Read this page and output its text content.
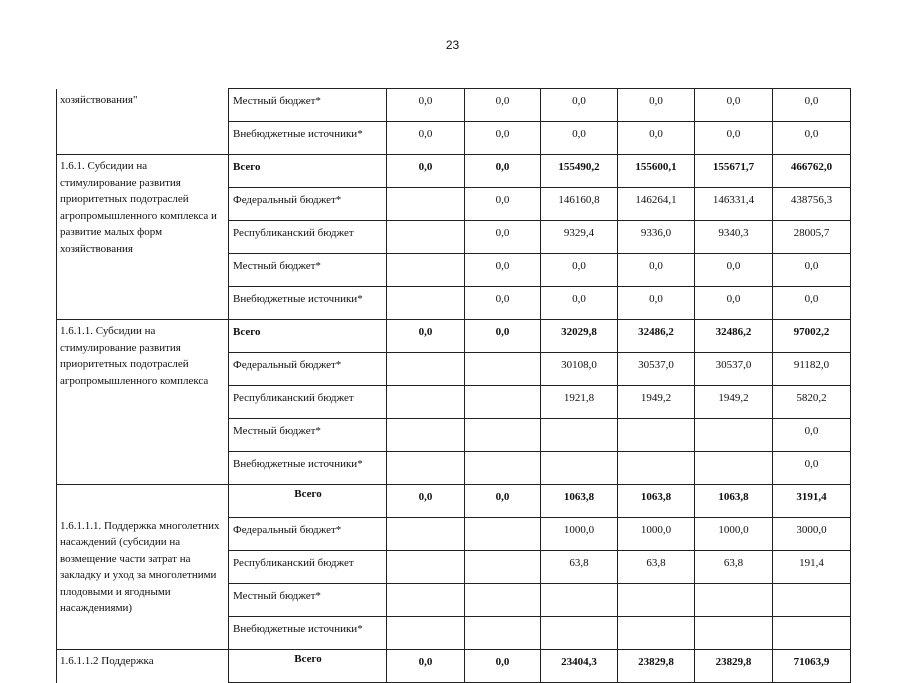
23
хозяйствования"	Местный бюджет*	0,0	0,0	0,0	0,0	0,0	0,0
	Внебюджетные источники*	0,0	0,0	0,0	0,0	0,0	0,0
1.6.1. Субсидии на стимулирование развития приоритетных подотраслей агропромышленного комплекса и развитие малых форм хозяйствования	Всего	0,0	0,0	155490,2	155600,1	155671,7	466762,0
	Федеральный бюджет*		0,0	146160,8	146264,1	146331,4	438756,3
	Республиканский бюджет		0,0	9329,4	9336,0	9340,3	28005,7
	Местный бюджет*		0,0	0,0	0,0	0,0	0,0
	Внебюджетные источники*		0,0	0,0	0,0	0,0	0,0
1.6.1.1. Субсидии на стимулирование развития приоритетных подотраслей агропромышленного комплекса	Всего	0,0	0,0	32029,8	32486,2	32486,2	97002,2
	Федеральный бюджет*			30108,0	30537,0	30537,0	91182,0
	Республиканский бюджет			1921,8	1949,2	1949,2	5820,2
	Местный бюджет*						0,0
	Внебюджетные источники*						0,0
1.6.1.1.1. Поддержка многолетних насаждений (субсидии на возмещение части затрат на закладку и уход за многолетними плодовыми и ягодными насаждениями)	Всего	0,0	0,0	1063,8	1063,8	1063,8	3191,4
	Федеральный бюджет*			1000,0	1000,0	1000,0	3000,0
	Республиканский бюджет			63,8	63,8	63,8	191,4
	Местный бюджет*						
	Внебюджетные источники*						
1.6.1.1.2 Поддержка	Всего	0,0	0,0	23404,3	23829,8	23829,8	71063,9
